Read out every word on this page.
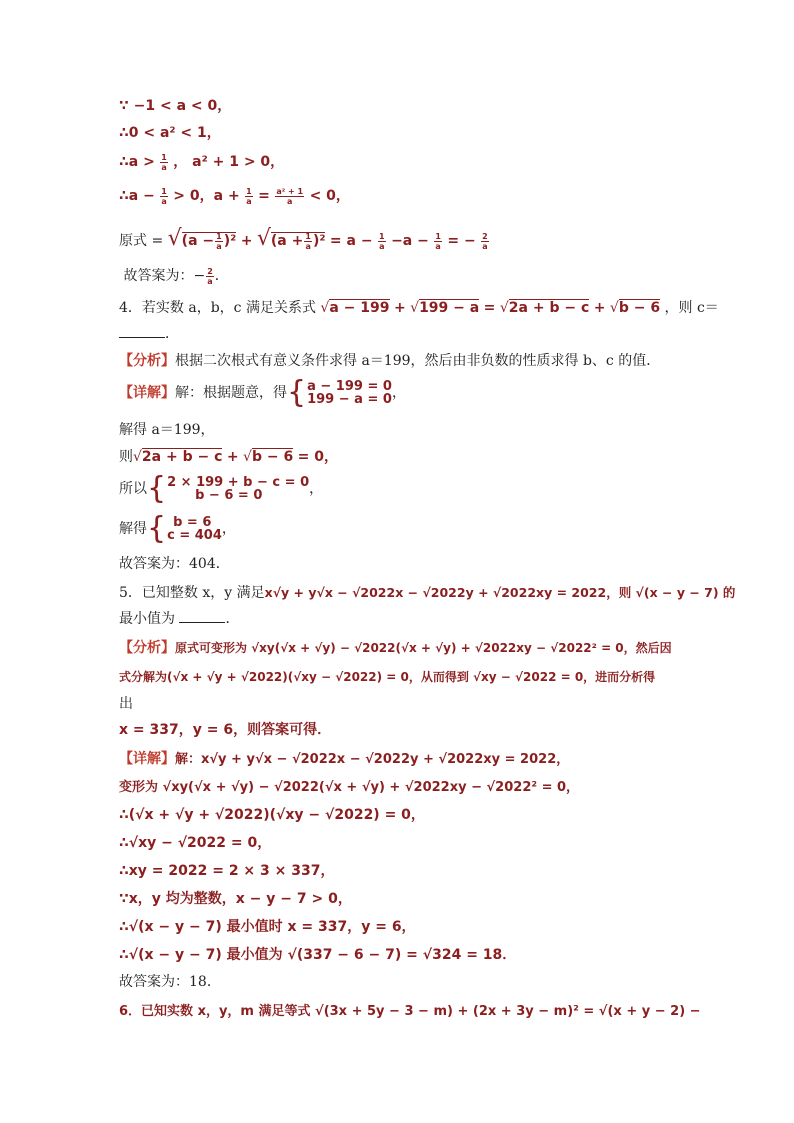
∵ −1 < a < 0，
∴0 < a² < 1，
∴a > $\frac{1}{a}$ ， a² + 1 > 0，
∴a − $\frac{1}{a} > 0$，$a + \frac{1}{a} = \frac{\text{a² + 1}}{a} < 0$，
原式 = $√(a - \frac{1}{a} )^2 + √(a + \frac{1}{a} )^2 = a - \frac{1}{a} -a - \frac{1}{a}$ = − $\frac{2}{a}$
故答案为：− $\frac{2}{a}$ ．
4．若实数 a，b，c 满足关系式 √a − 199 + √199 − a = √2a + b − c + √b − 6 ，则 c＝
．
【分析】根据二次根式有意义条件求得 a＝199，然后由非负数的性质求得 b、c 的值．
【详解】解：根据题意，得{ a − 199 = 0
199 − a = 0 ，
解得 a＝199，
则√2a + b − c + √b − 6 = 0，
所以{ 2 × 199 + b − c = 0
b − 6 = 0	，
解得{ b = 6
c = 404 ，
故答案为：404．
5．已知整数 x，y 满足x√y + y√x − √2022x − √2022y + √2022xy = 2022，则 √(x − y − 7) 的
最小值为	．
【分析】原式可变形为 √xy(√x + √y) − √2022(√x + √y) + √2022xy − √2022² = 0，然后因
式分解为(√x + √y + √2022)(√xy − √2022) = 0，从而得到 √xy − √2022 = 0，进而分析得
出
x = 337，y = 6，则答案可得．
【详解】解：x√y + y√x − √2022x − √2022y + √2022xy = 2022，
变形为 √xy(√x + √y) − √2022(√x + √y) + √2022xy − √2022² = 0，
∴(√x + √y + √2022)(√xy − √2022) = 0，
∴√xy − √2022 = 0，
∴xy = 2022 = 2 × 3 × 337，
∵x，y 均为整数，x − y − 7 > 0，
∴√(x − y − 7) 最小值时 x = 337，y = 6，
∴√(x − y − 7) 最小值为 √(337 − 6 − 7) = √324 = 18．
故答案为：18．
6．已知实数 x，y，m 满足等式 √(3x + 5y − 3 − m) + (2x + 3y − m)² = √(x + y − 2) −
